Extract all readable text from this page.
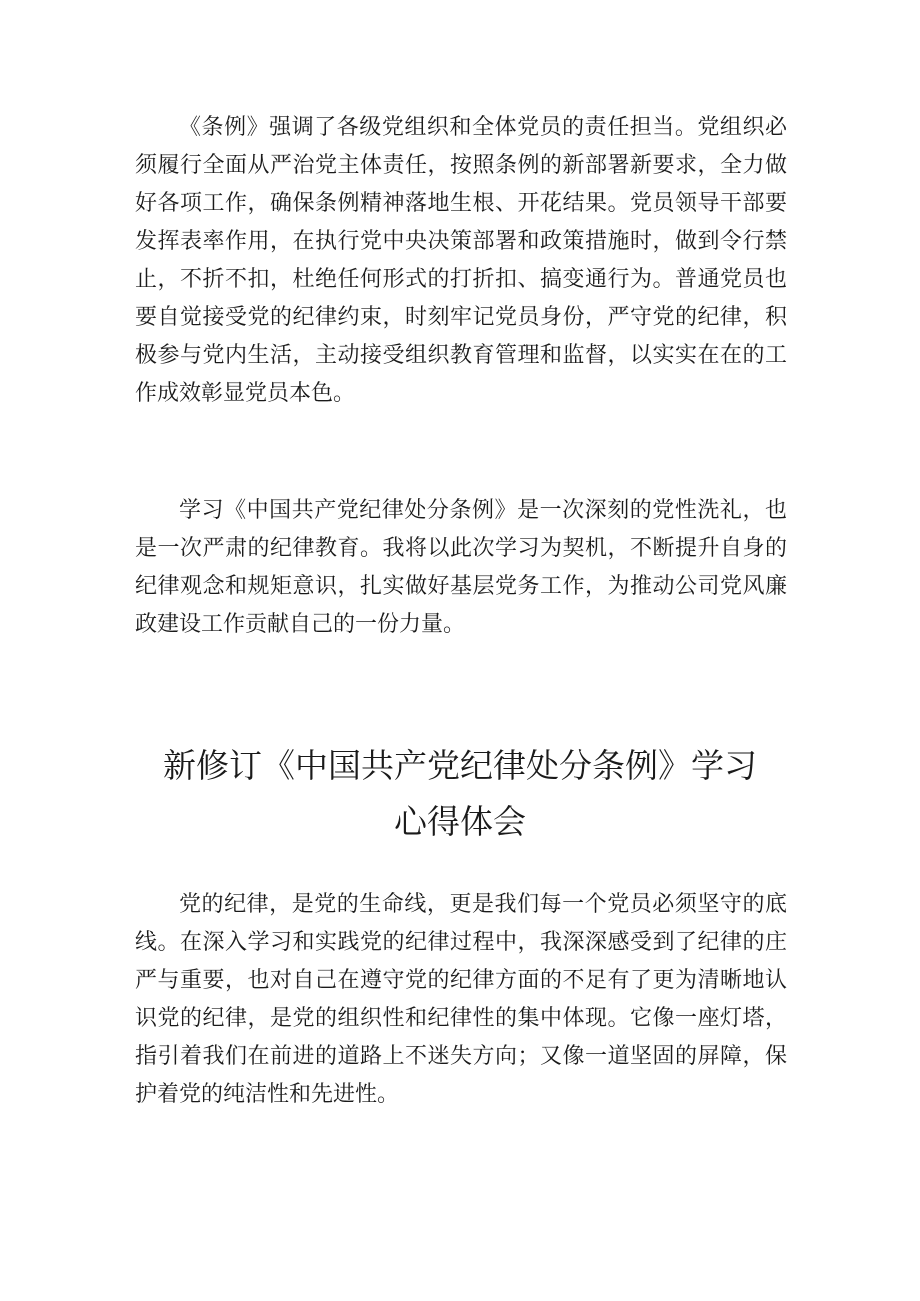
《条例》强调了各级党组织和全体党员的责任担当。党组织必须履行全面从严治党主体责任，按照条例的新部署新要求，全力做好各项工作，确保条例精神落地生根、开花结果。党员领导干部要发挥表率作用，在执行党中央决策部署和政策措施时，做到令行禁止，不折不扣，杜绝任何形式的打折扣、搞变通行为。普通党员也要自觉接受党的纪律约束，时刻牢记党员身份，严守党的纪律，积极参与党内生活，主动接受组织教育管理和监督，以实实在在的工作成效彰显党员本色。

学习《中国共产党纪律处分条例》是一次深刻的党性洗礼，也是一次严肃的纪律教育。我将以此次学习为契机，不断提升自身的纪律观念和规矩意识，扎实做好基层党务工作，为推动公司党风廉政建设工作贡献自己的一份力量。

新修订《中国共产党纪律处分条例》学习
心得体会

党的纪律，是党的生命线，更是我们每一个党员必须坚守的底线。在深入学习和实践党的纪律过程中，我深深感受到了纪律的庄严与重要，也对自己在遵守党的纪律方面的不足有了更为清晰地认识党的纪律，是党的组织性和纪律性的集中体现。它像一座灯塔，指引着我们在前进的道路上不迷失方向；又像一道坚固的屏障，保护着党的纯洁性和先进性。
